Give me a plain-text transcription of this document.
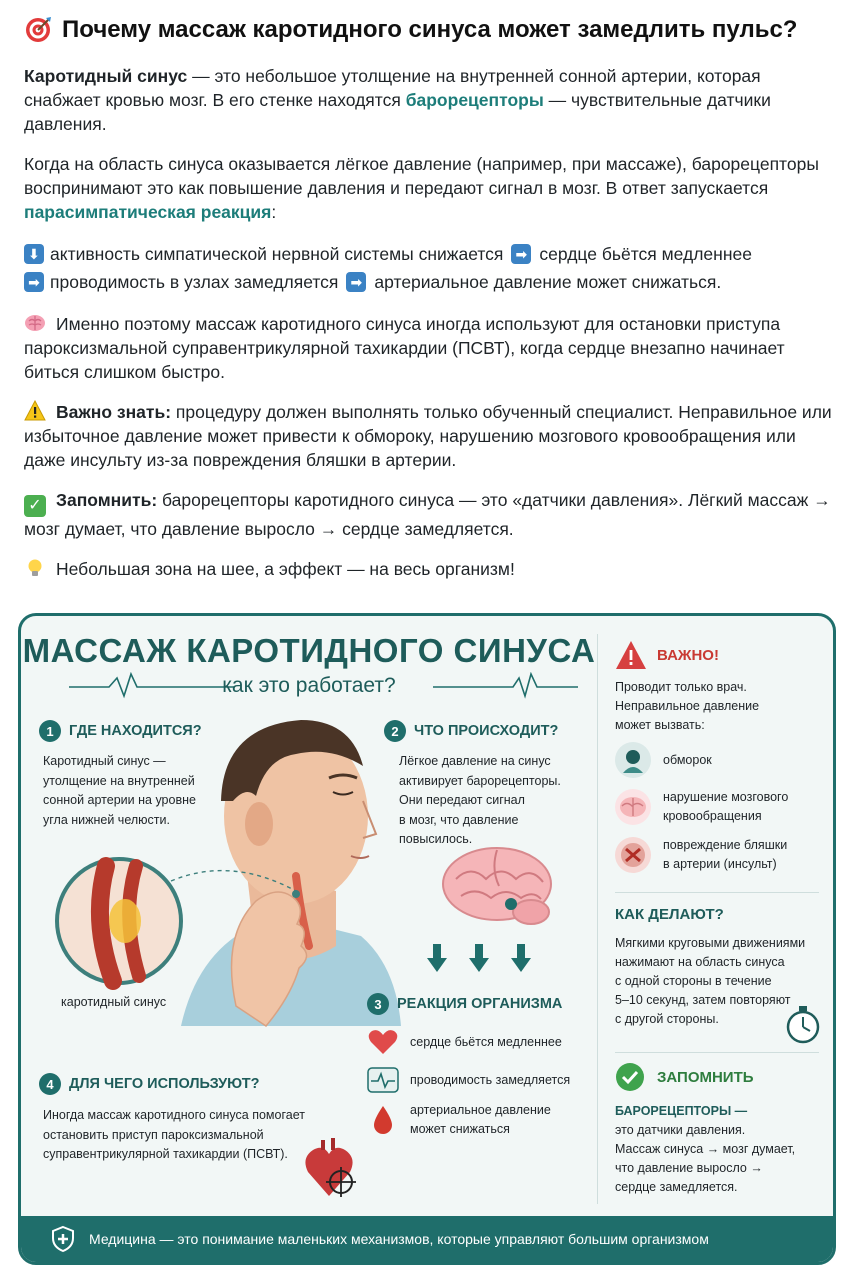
Почему массаж каротидного синуса может замедлить пульс?

Каротидный синус — это небольшое утолщение на внутренней сонной артерии, которая снабжает кровью мозг. В его стенке находятся барорецепторы — чувствительные датчики давления.

Когда на область синуса оказывается лёгкое давление (например, при массаже), барорецепторы воспринимают это как повышение давления и передают сигнал в мозг. В ответ запускается парасимпатическая реакция:

⬇ активность симпатической нервной системы снижается ➡ сердце бьётся медленнее
➡ проводимость в узлах замедляется ➡ артериальное давление может снижаться.

Именно поэтому массаж каротидного синуса иногда используют для остановки приступа пароксизмальной суправентрикулярной тахикардии (ПСВТ), когда сердце внезапно начинает биться слишком быстро.

Важно знать: процедуру должен выполнять только обученный специалист. Неправильное или избыточное давление может привести к обмороку, нарушению мозгового кровообращения или даже инсульту из-за повреждения бляшки в артерии.

✓ Запомнить: барорецепторы каротидного синуса — это «датчики давления». Лёгкий массаж → мозг думает, что давление выросло → сердце замедляется.

Небольшая зона на шее, а эффект — на весь организм!

МАССАЖ КАРОТИДНОГО СИНУСА
как это работает?
1	ГДЕ НАХОДИТСЯ?
Каротидный синус —
утолщение на внутренней
сонной артерии на уровне
угла нижней челюсти.
каротидный синус
2	ЧТО ПРОИСХОДИТ?
Лёгкое давление на синус
активирует барорецепторы.
Они передают сигнал
в мозг, что давление
повысилось.
3	РЕАКЦИЯ ОРГАНИЗМА
сердце бьётся медленнее
проводимость замедляется
артериальное давление
может снижаться
4	ДЛЯ ЧЕГО ИСПОЛЬЗУЮТ?
Иногда массаж каротидного синуса помогает
остановить приступ пароксизмальной
суправентрикулярной тахикардии (ПСВТ).
ВАЖНО!
Проводит только врач.
Неправильное давление
может вызвать:
обморок
нарушение мозгового
кровообращения
повреждение бляшки
в артерии (инсульт)
КАК ДЕЛАЮТ?
Мягкими круговыми движениями
нажимают на область синуса
с одной стороны в течение
5–10 секунд, затем повторяют
с другой стороны.
ЗАПОМНИТЬ
БАРОРЕЦЕПТОРЫ —
это датчики давления.
Массаж синуса → мозг думает,
что давление выросло →
сердце замедляется.
Медицина — это понимание маленьких механизмов, которые управляют большим организмом
